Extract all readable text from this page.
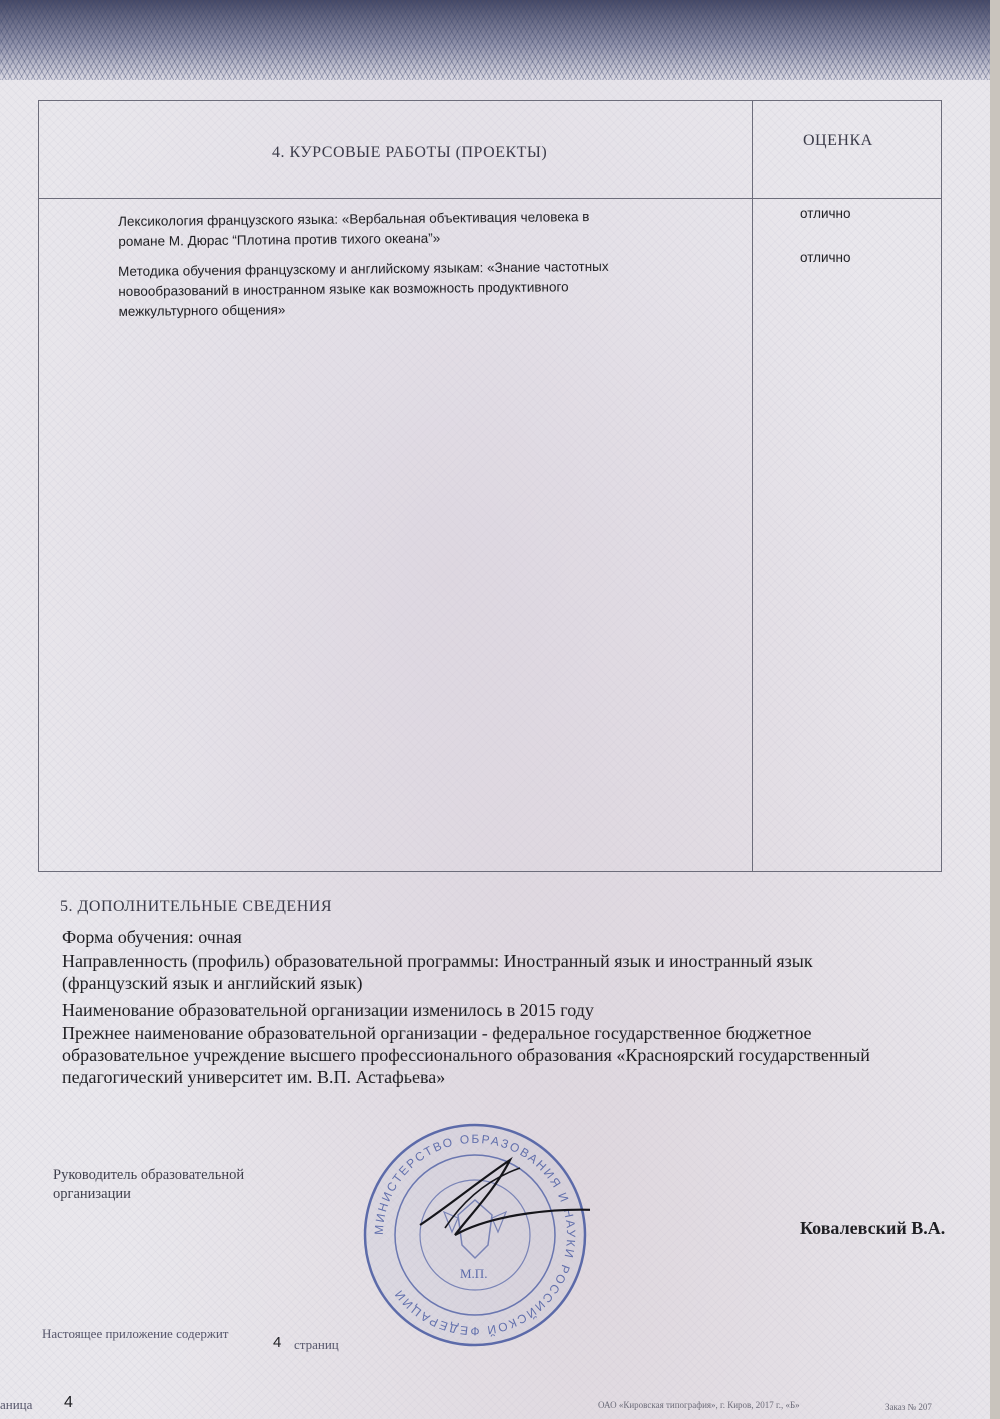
4. КУРСОВЫЕ РАБОТЫ (ПРОЕКТЫ)
ОЦЕНКА
Лексикология французского языка: «Вербальная объективация человека в
романе М. Дюрас “Плотина против тихого океана”»
отлично
Методика обучения французскому и английскому языкам: «Знание частотных
новообразований в иностранном языке как возможность продуктивного
межкультурного общения»
отлично
5. ДОПОЛНИТЕЛЬНЫЕ СВЕДЕНИЯ
Форма обучения: очная
Направленность (профиль) образовательной программы: Иностранный язык и иностранный язык
(французский язык и английский язык)
Наименование образовательной организации изменилось в 2015 году
Прежнее наименование образовательной организации - федеральное государственное бюджетное
образовательное учреждение высшего профессионального образования «Красноярский государственный
педагогический университет им. В.П. Астафьева»
Руководитель образовательной
организации
МИНИСТЕРСТВО ОБРАЗОВАНИЯ И НАУКИ РОССИЙСКОЙ ФЕДЕРАЦИИ
М.П.
Ковалевский В.А.
Настоящее приложение содержит
4 страниц
аница 4	ОАО «Кировская типография», г. Киров, 2017 г., «Б»	Заказ № 207
